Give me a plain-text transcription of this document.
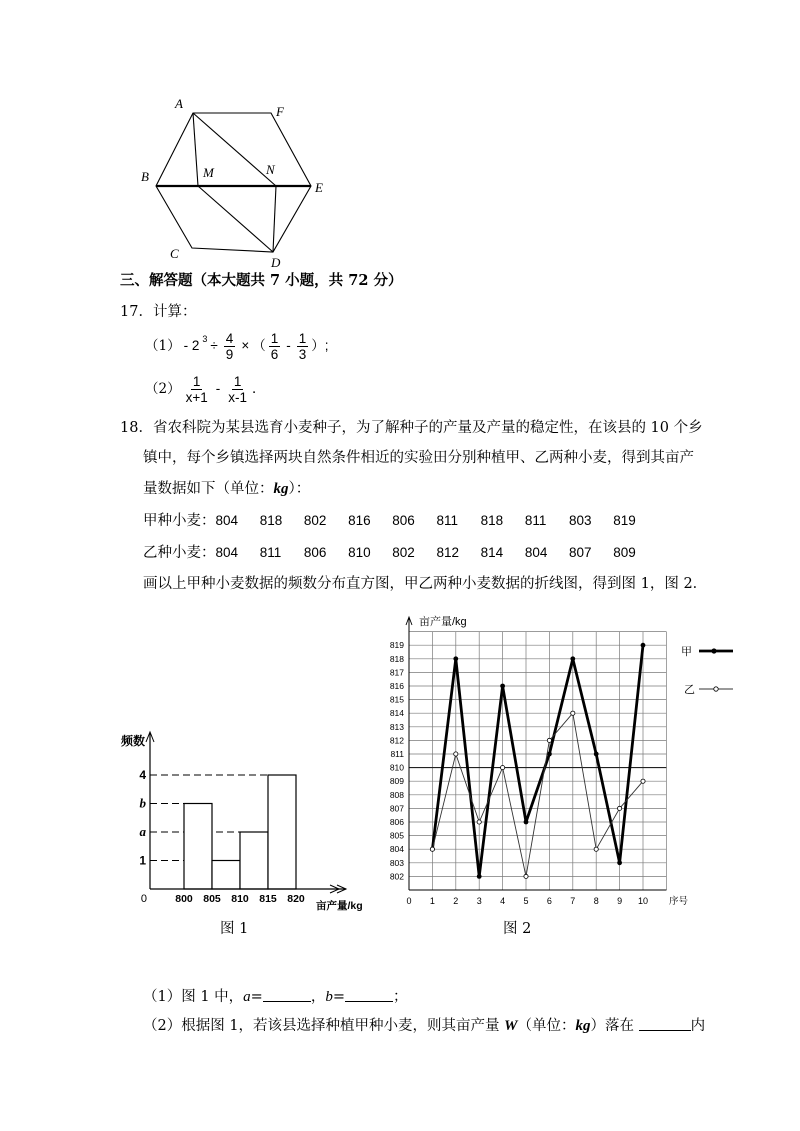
A
F
B	M	N
E
C
D
三、解答题（本大题共 7 小题，共 72 分）
17．计算：
（1） - 2 $3 \div \frac{4}{9}$ × （ $\frac{1}{6} - \frac{1}{3}$ ）;
$(2) \frac{1}{x+1} - \frac{1}{x-1}$ ．
18．省农科院为某县选育小麦种子，为了解种子的产量及产量的稳定性，在该县的 10 个乡
镇中，每个乡镇选择两块自然条件相近的实验田分别种植甲、乙两种小麦，得到其亩产
量数据如下（单位：kg）：
甲种小麦：804 818 802 816 806 811 818 811 803 819
乙种小麦：804 811 806 810 802 812 814 804 807 809
画以上甲种小麦数据的频数分布直方图，甲乙两种小麦数据的折线图，得到图 1，图 2．
频数
亩产量/kg
0
1
a
b
4
800 805 810 815 820
亩产量/kg
序号
802
803
804
805
806
807
808
809
810
811
812
813
814
815
816
817
818
819
0 1 2 3 4 5 6 7 8 9 10
甲
乙
图 1	图 2
（1）图 1 中，a=	，b=	；
（2）根据图 1，若该县选择种植甲种小麦，则其亩产量 W（单位：kg）落在	内
